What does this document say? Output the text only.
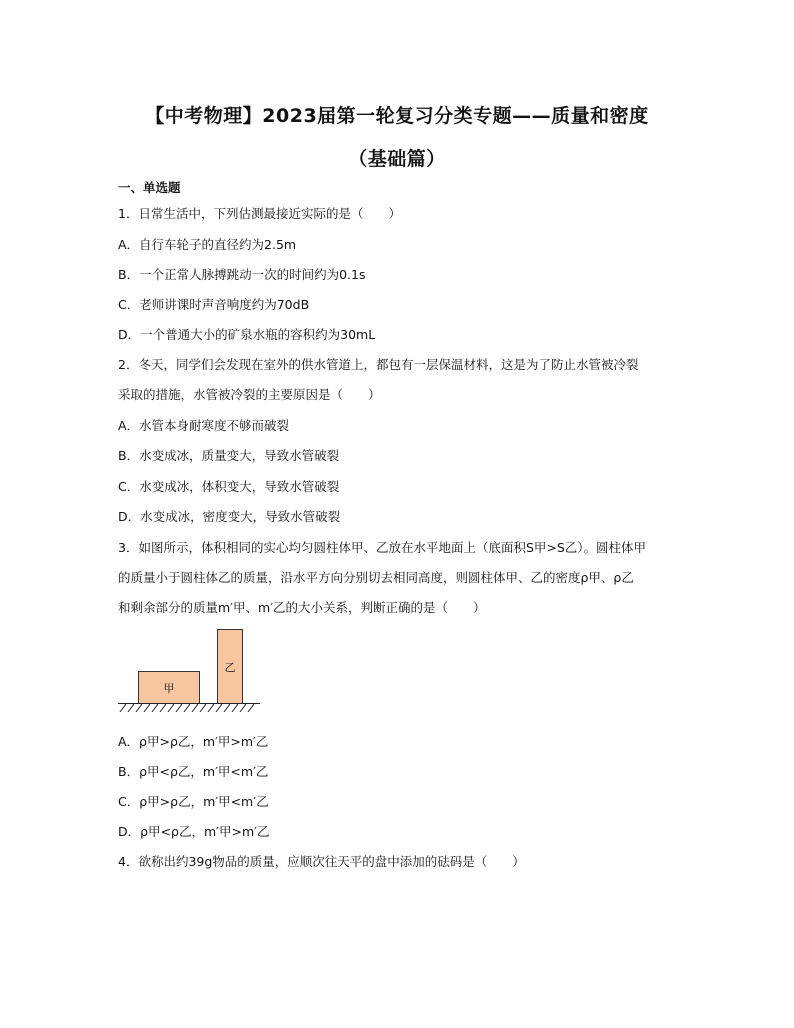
【中考物理】2023届第一轮复习分类专题——质量和密度
（基础篇）
一、单选题
1．日常生活中，下列估测最接近实际的是（　　）
A．自行车轮子的直径约为2.5m
B．一个正常人脉搏跳动一次的时间约为0.1s
C．老师讲课时声音响度约为70dB
D．一个普通大小的矿泉水瓶的容积约为30mL
2．冬天，同学们会发现在室外的供水管道上，都包有一层保温材料，这是为了防止水管被冷裂
采取的措施，水管被冷裂的主要原因是（　　）
A．水管本身耐寒度不够而破裂
B．水变成冰，质量变大，导致水管破裂
C．水变成冰，体积变大，导致水管破裂
D．水变成冰，密度变大，导致水管破裂
3．如图所示，体积相同的实心均匀圆柱体甲、乙放在水平地面上（底面积S甲>S乙）。圆柱体甲
的质量小于圆柱体乙的质量，沿水平方向分别切去相同高度，则圆柱体甲、乙的密度ρ甲、ρ乙
和剩余部分的质量m′甲、m′乙的大小关系，判断正确的是（　　）
甲
乙
A．ρ甲>ρ乙，m′甲>m′乙
B．ρ甲<ρ乙，m′甲<m′乙
C．ρ甲>ρ乙，m′甲<m′乙
D．ρ甲<ρ乙，m′甲>m′乙
4．欲称出约39g物品的质量，应顺次往天平的盘中添加的砝码是（　　）
